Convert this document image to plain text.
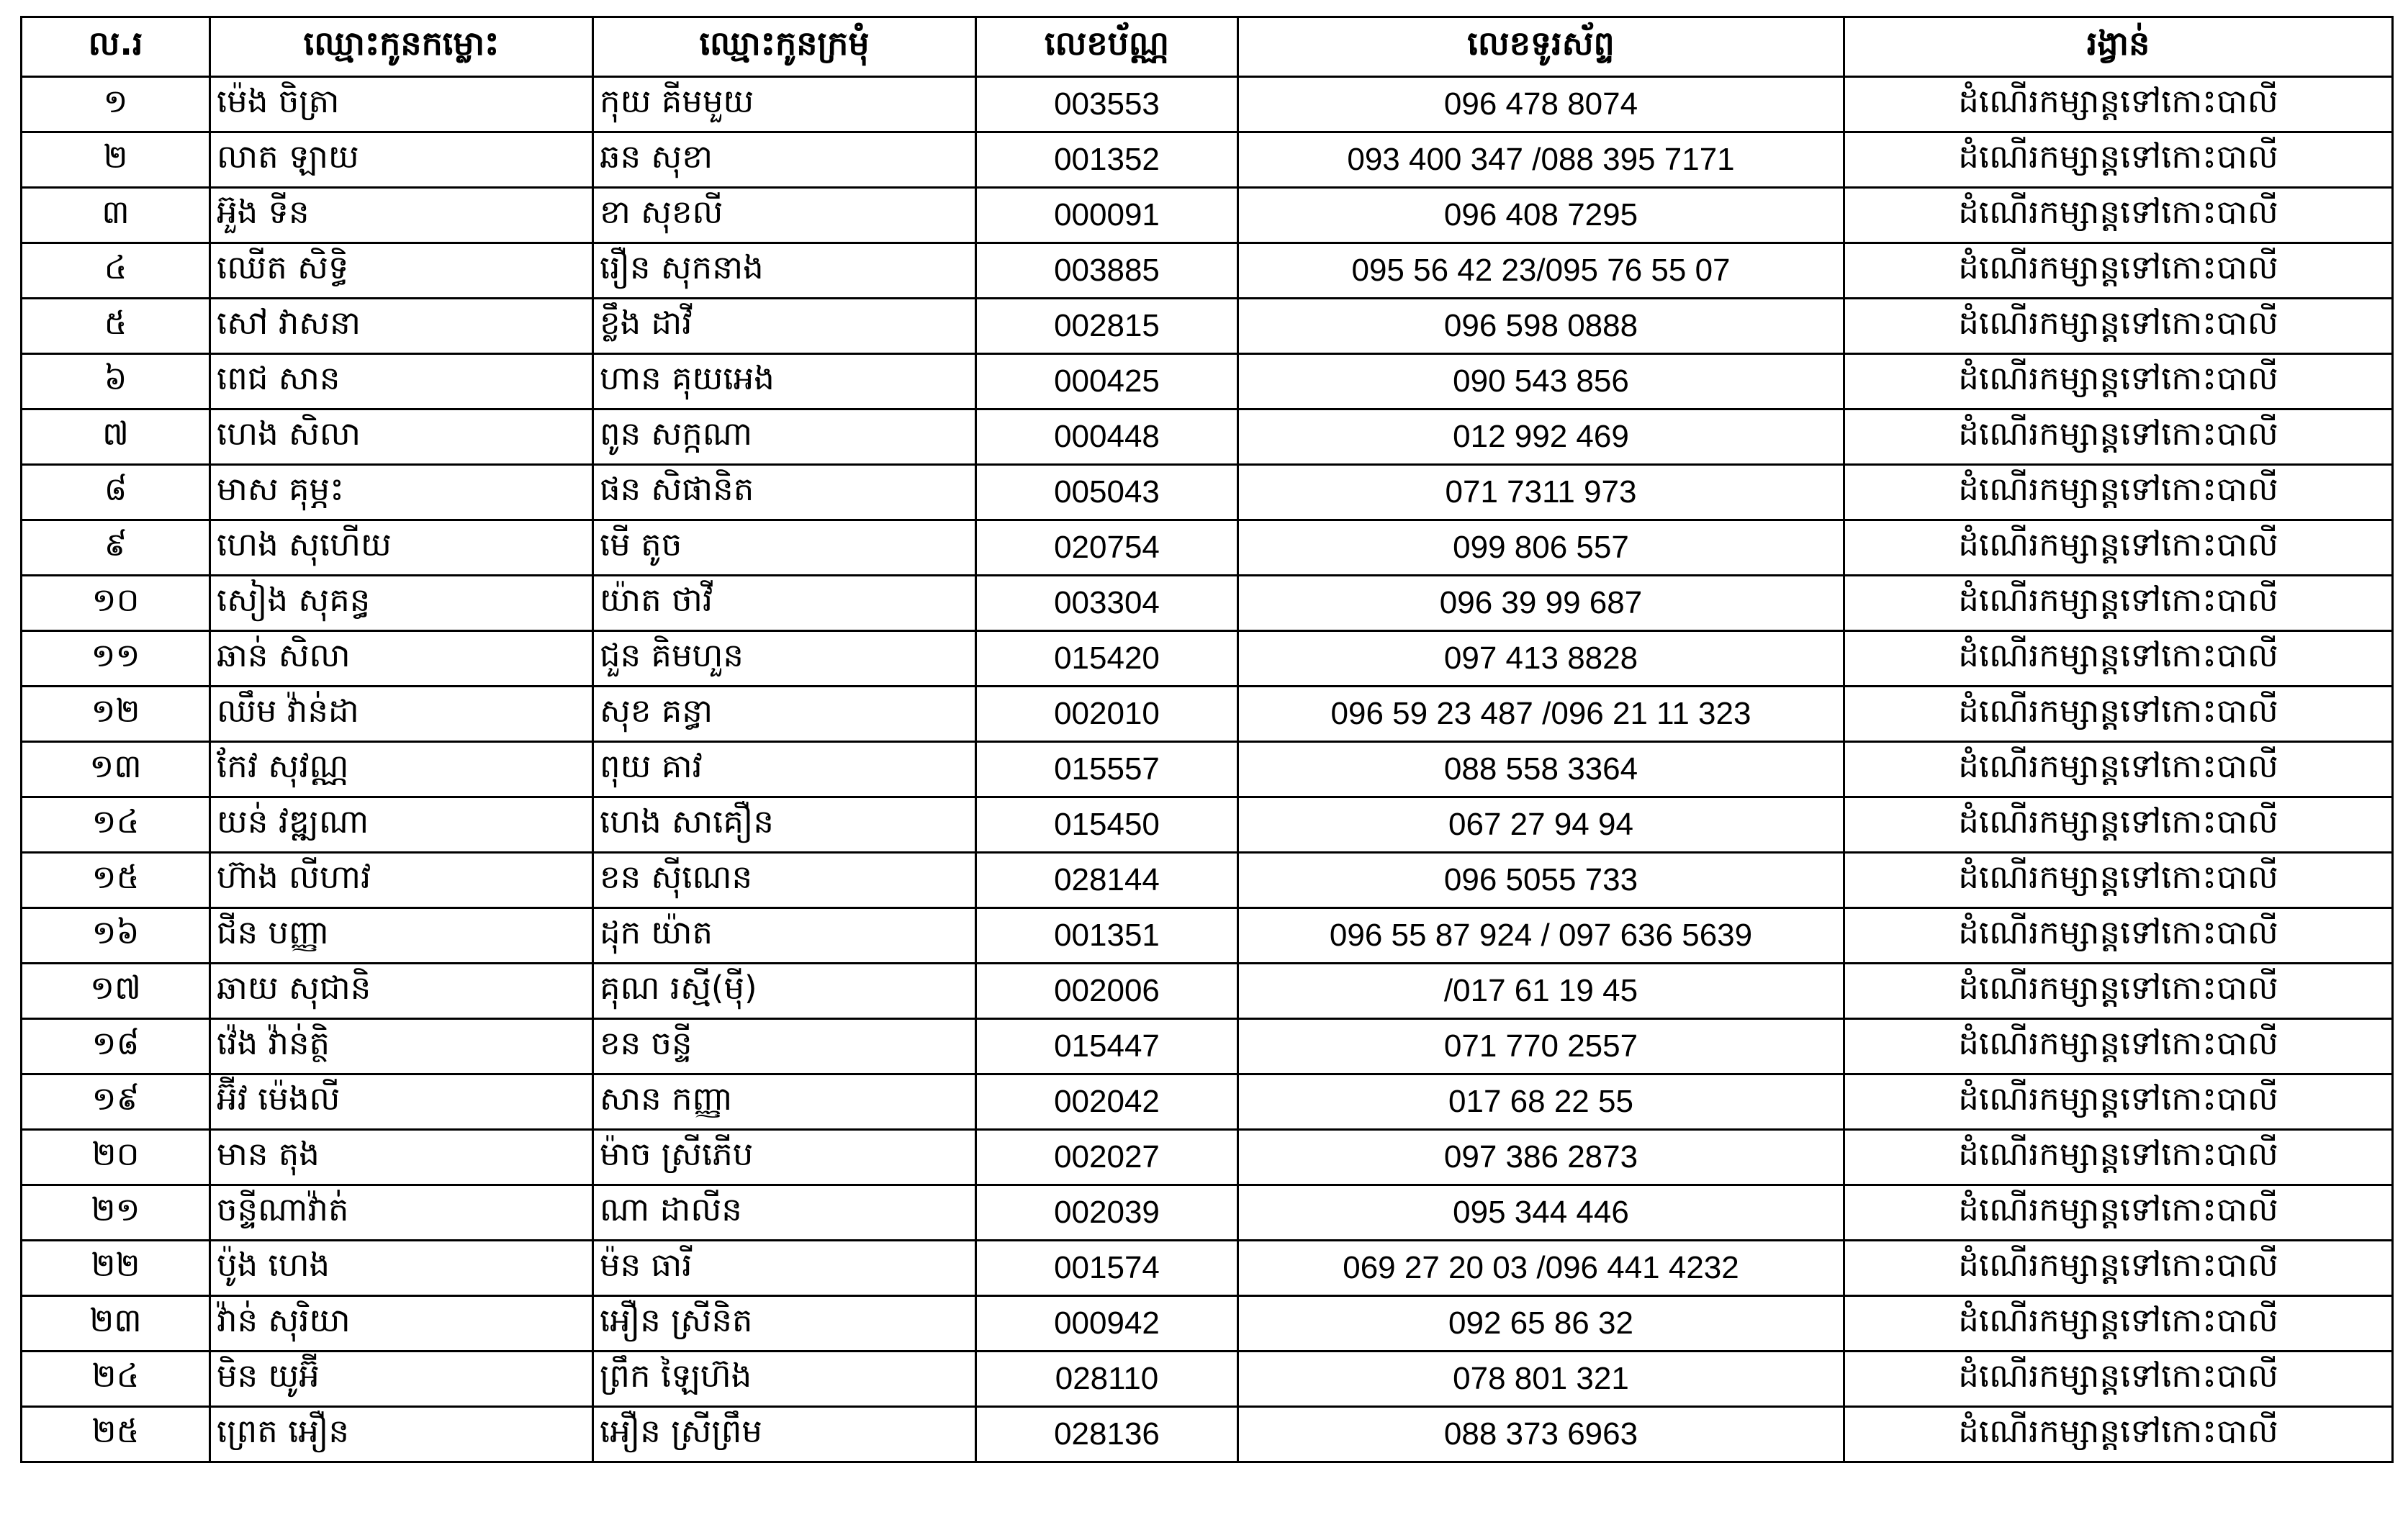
ល.រ	ឈ្មោះកូនកម្លោះ	ឈ្មោះកូនក្រមុំ	លេខប័ណ្ណ	លេខទូរស័ព្ទ	រង្វាន់
១	ម៉េង ចិត្រា	កុយ គីមមួយ	003553	096 478 8074	ដំណើរកម្សាន្តទៅកោះបាលី
២	លាត ឡាយ	ឆន សុខា	001352	093 400 347 /088 395 7171	ដំណើរកម្សាន្តទៅកោះបាលី
៣	អ៊ួង ទីន	ខា សុខលី	000091	096 408 7295	ដំណើរកម្សាន្តទៅកោះបាលី
៤	ឈើត សិទ្ធិ	រឿន សុកនាង	003885	095 56 42 23/095 76 55 07	ដំណើរកម្សាន្តទៅកោះបាលី
៥	សៅ វាសនា	ខ្លឹង ដាវី	002815	096 598 0888	ដំណើរកម្សាន្តទៅកោះបាលី
៦	ពេជ សាន	ហាន គុយអេង	000425	090 543 856	ដំណើរកម្សាន្តទៅកោះបាលី
៧	ហេង សិលា	ពូន សក្កណា	000448	012 992 469	ដំណើរកម្សាន្តទៅកោះបាលី
៨	មាស គុម្ភះ	ផន សិផានិត	005043	071 7311 973	ដំណើរកម្សាន្តទៅកោះបាលី
៩	ហេង សុហើយ	មើ តូច	020754	099 806 557	ដំណើរកម្សាន្តទៅកោះបាលី
១០	សៀង សុគន្ធ	យ៉ាត ថាវី	003304	096 39 99 687	ដំណើរកម្សាន្តទៅកោះបាលី
១១	ឆាន់ សិលា	ជួន គិមហួន	015420	097 413 8828	ដំណើរកម្សាន្តទៅកោះបាលី
១២	ឈឹម វ៉ាន់ដា	សុខ គន្ធា	002010	096 59 23 487 /096 21 11 323	ដំណើរកម្សាន្តទៅកោះបាលី
១៣	កែវ សុវណ្ណ	ពុយ គាវ	015557	088 558 3364	ដំណើរកម្សាន្តទៅកោះបាលី
១៤	យន់ វឌ្ឍណា	ហេង សាគឿន	015450	067 27 94 94	ដំណើរកម្សាន្តទៅកោះបាលី
១៥	ហ៊ាង លីហាវ	ខន ស៊ីណេន	028144	096 5055 733	ដំណើរកម្សាន្តទៅកោះបាលី
១៦	ជីន បញ្ញា	ដុក យ៉ាត	001351	096 55 87 924 / 097 636 5639	ដំណើរកម្សាន្តទៅកោះបាលី
១៧	ឆាយ សុជានិ	គុណ រស្មី(ម៉ី)	002006	/017 61 19 45	ដំណើរកម្សាន្តទៅកោះបាលី
១៨	វ៉េង វ៉ាន់ត្ថិ	ខន ចន្ទី	015447	071 770 2557	ដំណើរកម្សាន្តទៅកោះបាលី
១៩	អ៊ីវ ម៉េងលី	សាន កញ្ញា	002042	017 68 22 55	ដំណើរកម្សាន្តទៅកោះបាលី
២០	មាន តុង	ម៉ាច ស្រីភើប	002027	097 386 2873	ដំណើរកម្សាន្តទៅកោះបាលី
២១	ចន្ទីណាវ៉ាត់	ណា ដាលីន	002039	095 344 446	ដំណើរកម្សាន្តទៅកោះបាលី
២២	ប៉ូង ហេង	ម៉ន ធារី	001574	069 27 20 03 /096 441 4232	ដំណើរកម្សាន្តទៅកោះបាលី
២៣	វ៉ាន់ សុរិយា	អឿន ស្រីនិត	000942	092 65 86 32	ដំណើរកម្សាន្តទៅកោះបាលី
២៤	មិន យូអ៊ី	ព្រឹក ឡៃហ៊ង	028110	078 801 321	ដំណើរកម្សាន្តទៅកោះបាលី
២៥	ព្រេត អឿន	អឿន ស្រីព្រឹម	028136	088 373 6963	ដំណើរកម្សាន្តទៅកោះបាលី
